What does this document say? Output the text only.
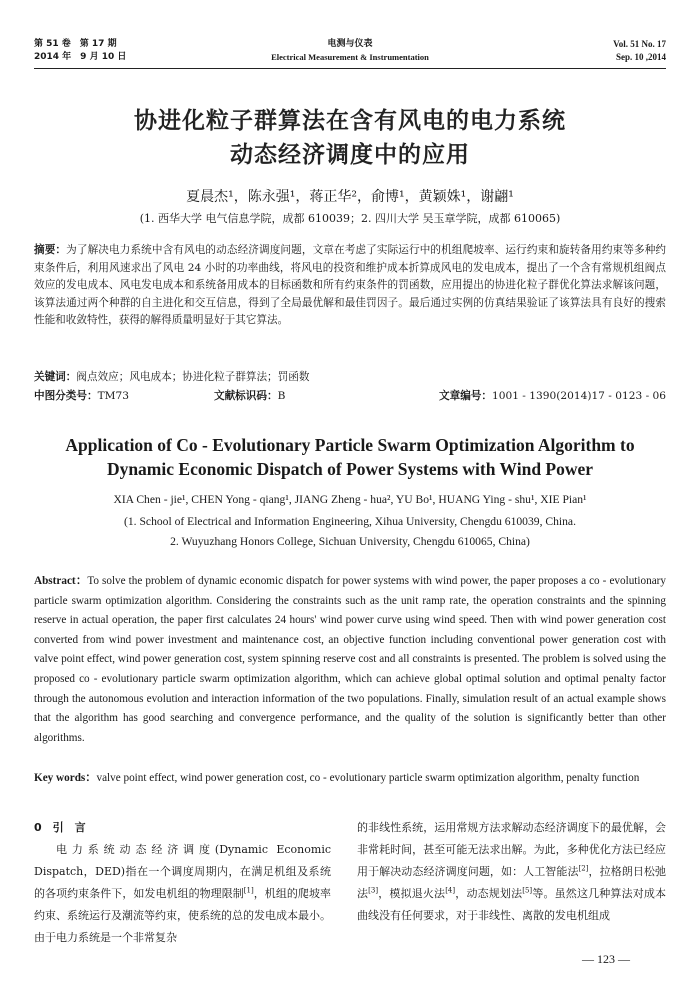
第 51 卷　第 17 期
2014 年　9 月 10 日
电测与仪表
Electrical Measurement & Instrumentation
Vol. 51 No. 17
Sep. 10 ,2014
协进化粒子群算法在含有风电的电力系统
动态经济调度中的应用
夏晨杰¹，陈永强¹，蒋正华²，俞博¹，黄颖姝¹，谢翩¹
(1. 西华大学 电气信息学院，成都 610039；2. 四川大学 吴玉章学院，成都 610065)
摘要：为了解决电力系统中含有风电的动态经济调度问题，文章在考虑了实际运行中的机组爬坡率、运行约束和旋转备用约束等多种约束条件后，利用风速求出了风电 24 小时的功率曲线，将风电的投资和维护成本折算成风电的发电成本，提出了一个含有常规机组阀点效应的发电成本、风电发电成本和系统备用成本的目标函数和所有约束条件的罚函数，应用提出的协进化粒子群优化算法求解该问题，该算法通过两个种群的自主进化和交互信息，得到了全局最优解和最佳罚因子。最后通过实例的仿真结果验证了该算法具有良好的搜索性能和收敛特性，获得的解得质量明显好于其它算法。
关键词：阀点效应；风电成本；协进化粒子群算法；罚函数
中图分类号：TM73	文献标识码：B	文章编号：1001 - 1390(2014)17 - 0123 - 06
Application of Co - Evolutionary Particle Swarm Optimization Algorithm to
Dynamic Economic Dispatch of Power Systems with Wind Power
XIA Chen - jie¹, CHEN Yong - qiang¹, JIANG Zheng - hua², YU Bo¹, HUANG Ying - shu¹, XIE Pian¹
(1. School of Electrical and Information Engineering, Xihua University, Chengdu 610039, China.
2. Wuyuzhang Honors College, Sichuan University, Chengdu 610065, China)
Abstract：To solve the problem of dynamic economic dispatch for power systems with wind power, the paper proposes a co - evolutionary particle swarm optimization algorithm. Considering the constraints such as the unit ramp rate, the operation constraints and the spinning reserve in actual operation, the paper first calculates 24 hours' wind power curve using wind speed. Then with wind power generation cost converted from wind power investment and maintenance cost, an objective function including conventional power generation cost with valve point effect, wind power generation cost, system spinning reserve cost and all constraints is presented. The problem is solved using the proposed co - evolutionary particle swarm optimization algorithm, which can achieve global optimal solution and optimal penalty factor through the autonomous evolution and interaction information of the two populations. Finally, simulation result of an actual example shows that the algorithm has good searching and convergence performance, and the quality of the solution is significantly better than other algorithms.
Key words：valve point effect, wind power generation cost, co - evolutionary particle swarm optimization algorithm, penalty function
0　 引　言
电力系统动态经济调度(Dynamic Economic Dispatch，DED)指在一个调度周期内，在满足机组及系统的各项约束条件下，如发电机组的物理限制[1]，机组的爬坡率约束、系统运行及潮流等约束，使系统的总的发电成本最小。由于电力系统是一个非常复杂
的非线性系统，运用常规方法求解动态经济调度下的最优解，会非常耗时间，甚至可能无法求出解。为此，多种优化方法已经应用于解决动态经济调度问题，如：人工智能法[2]，拉格朗日松弛法[3]，模拟退火法[4]，动态规划法[5]等。虽然这几种算法对成本曲线没有任何要求，对于非线性、离散的发电机组成
— 123 —
